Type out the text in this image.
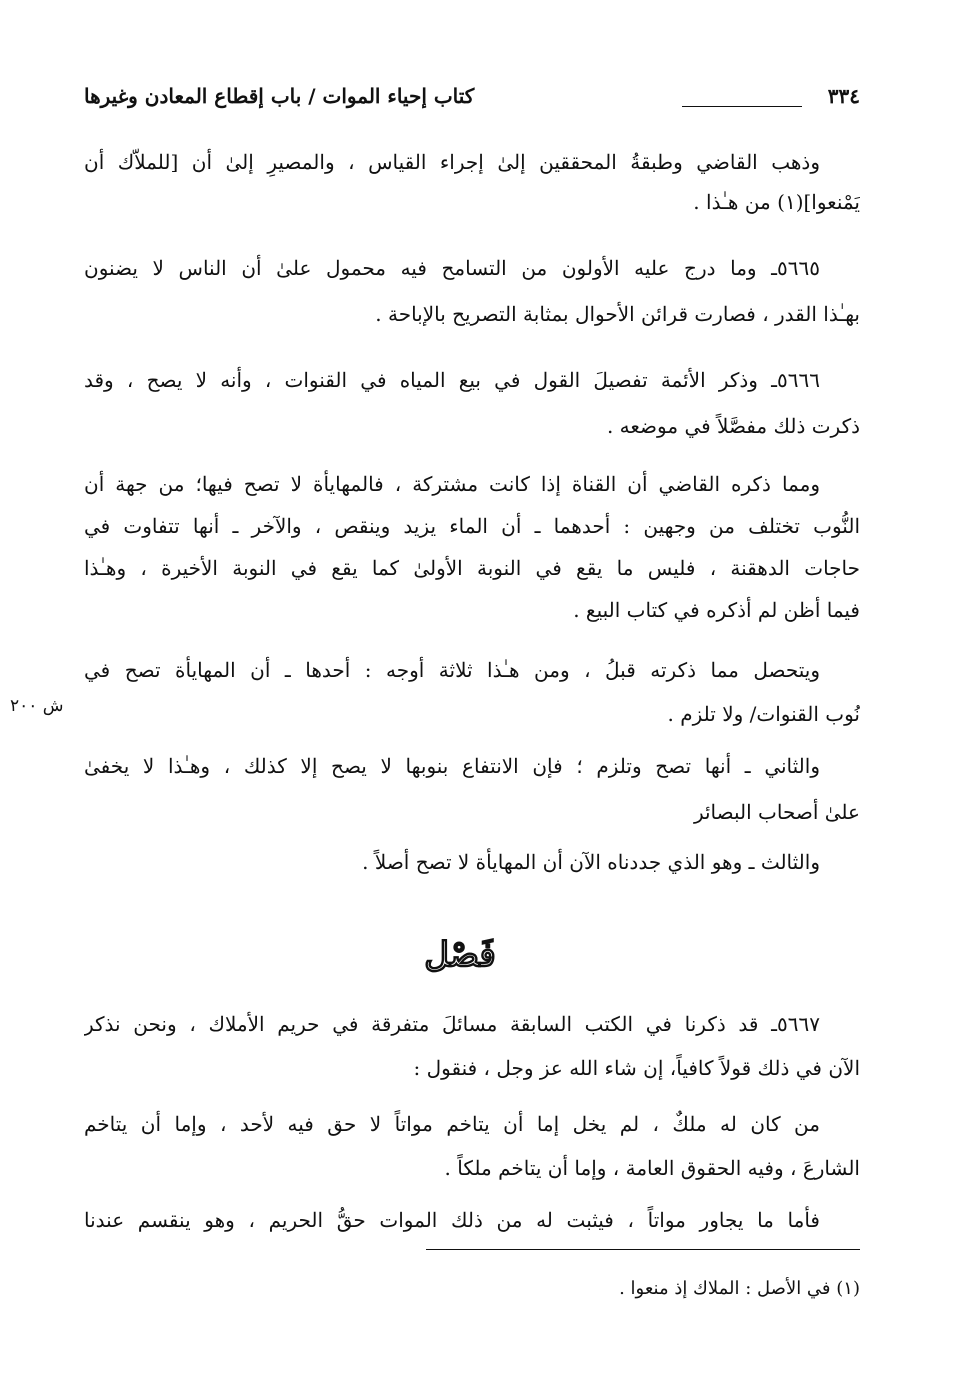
٣٣٤
كتاب إحياء الموات / باب إقطاع المعادن وغيرها
وذهب القاضي وطبقةُ المحققين إلىٰ إجراء القياس ، والمصيرِ إلىٰ أن [للملاّك أن
يَمْنعوا](١) من هـٰذا .
٥٦٦٥ـ وما درج عليه الأولون من التسامح فيه محمول علىٰ أن الناس لا يضنون
بهـٰذا القدر ، فصارت قرائن الأحوال بمثابة التصريح بالإباحة .
٥٦٦٦ـ وذكر الأئمة تفصيلَ القول في بيع المياه في القنوات ، وأنه لا يصح ، وقد
ذكرت ذلك مفصَّلاً في موضعه .
ومما ذكره القاضي أن القناة إذا كانت مشتركة ، فالمهايأة لا تصح فيها؛ من جهة أن
النُّوب تختلف من وجهين : أحدهما ـ أن الماء يزيد وينقص ، والآخر ـ أنها تتفاوت في
حاجات الدهقنة ، فليس ما يقع في النوبة الأولىٰ كما يقع في النوبة الأخيرة ، وهـٰذا
فيما أظن لم أذكره في كتاب البيع .
ويتحصل مما ذكرته قبلُ ، ومن هـٰذا ثلاثة أوجه : أحدها ـ أن المهايأة تصح في
نُوب القنوات/ ولا تلزم .
والثاني ـ أنها تصح وتلزم ؛ فإن الانتفاع بنوبها لا يصح إلا كذلك ، وهـٰذا لا يخفىٰ
علىٰ أصحاب البصائر
والثالث ـ وهو الذي جددناه الآن أن المهايأة لا تصح أصلاً .
ش ٢٠٠
فَصْل
٥٦٦٧ـ قد ذكرنا في الكتب السابقة مسائلَ متفرقة في حريم الأملاك ، ونحن نذكر
الآن في ذلك قولاً كافياً، إن شاء الله عز وجل ، فنقول :
من كان له ملكٌ ، لم يخل إما أن يتاخم مواتاً لا حق فيه لأحد ، وإما أن يتاخم
الشارعَ ، وفيه الحقوق العامة ، وإما أن يتاخم ملكاً .
فأما ما يجاور مواتاً ، فيثبت له من ذلك الموات حقُّ الحريم ، وهو ينقسم عندنا
(١) في الأصل : الملاك إذ منعوا .
